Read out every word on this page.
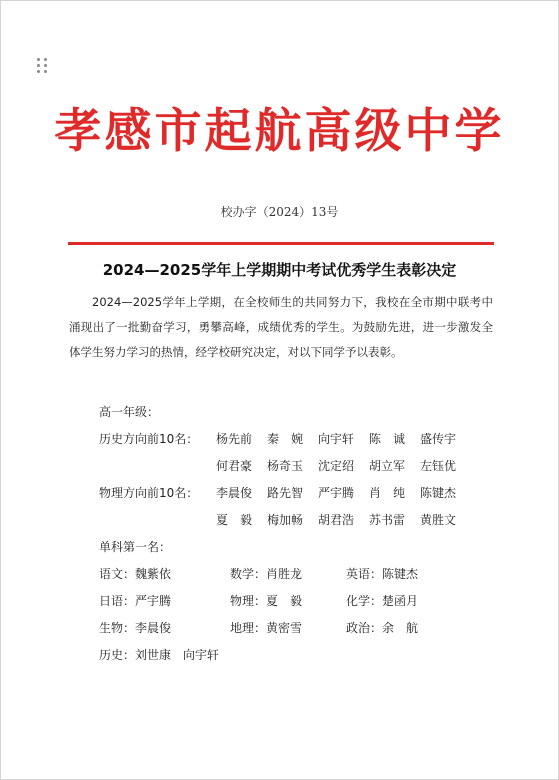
孝感市起航高级中学
校办字（2024）13号
2024—2025学年上学期期中考试优秀学生表彰决定
2024—2025学年上学期，在全校师生的共同努力下，我校在全市期中联考中涌现出了一批勤奋学习，勇攀高峰，成绩优秀的学生。为鼓励先进，进一步激发全体学生努力学习的热情，经学校研究决定，对以下同学予以表彰。
高一年级：
历史方向前10名：	杨先前	秦　婉	向宇轩	陈　诚	盛传宇
何君豪	杨奇玉	沈定绍	胡立军	左钰优
物理方向前10名：	李晨俊	路先智	严宇腾	肖　纯	陈键杰
夏　毅	梅加畅	胡君浩	苏书雷	黄胜文
单科第一名：
语文：魏紫依	数学：肖胜龙	英语：陈键杰
日语：严宇腾	物理：夏　毅	化学：楚函月
生物：李晨俊	地理：黄密雪	政治：余　航
历史：刘世康　向宇轩
